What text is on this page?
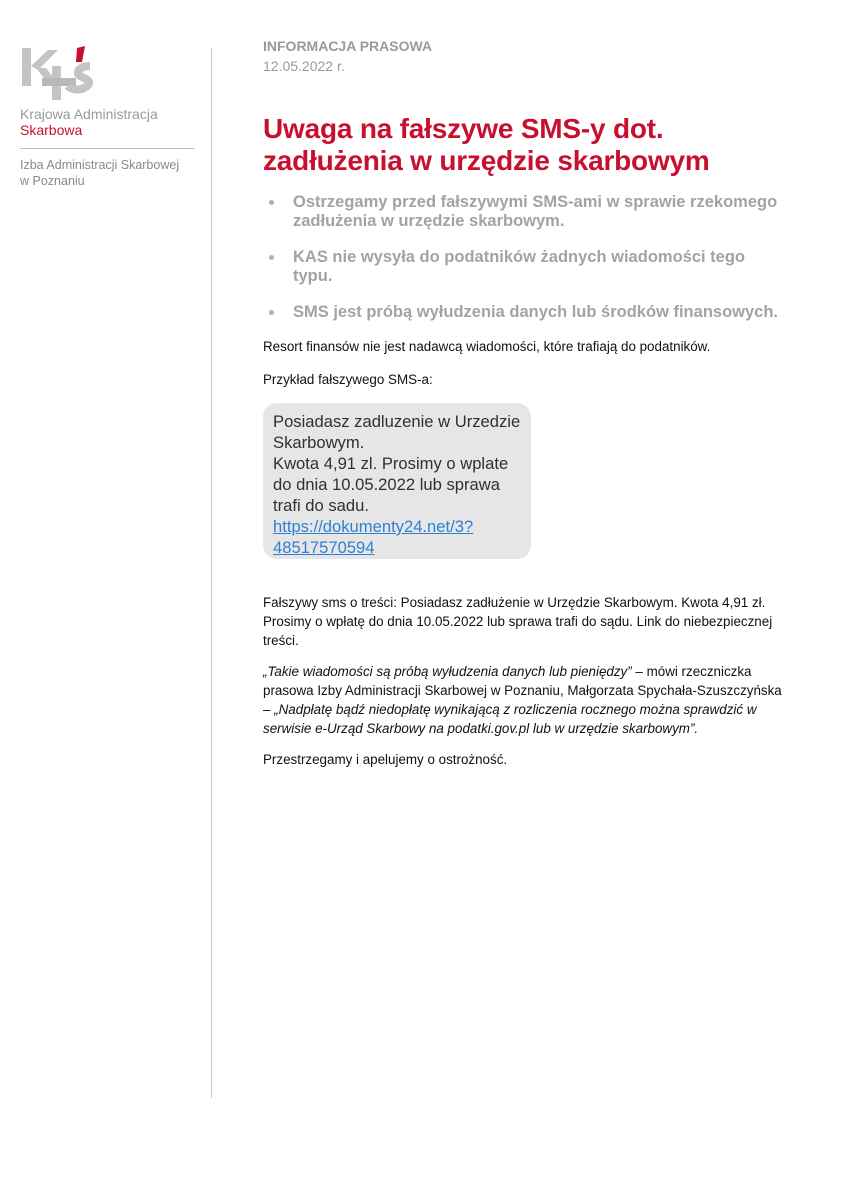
Krajowa Administracja
Skarbowa
Izba Administracji Skarbowej
w Poznaniu
INFORMACJA PRASOWA
12.05.2022 r.
Uwaga na fałszywe SMS-y dot. zadłużenia w urzędzie skarbowym
Ostrzegamy przed fałszywymi SMS-ami w sprawie rzekomego zadłużenia w urzędzie skarbowym.
KAS nie wysyła do podatników żadnych wiadomości tego typu.
SMS jest próbą wyłudzenia danych lub środków finansowych.

Resort finansów nie jest nadawcą wiadomości, które trafiają do podatników.

Przykład fałszywego SMS-a:

Posiadasz zadluzenie w Urzedzie
Skarbowym.
Kwota 4,91 zl. Prosimy o wplate
do dnia 10.05.2022 lub sprawa
trafi do sadu.
https://dokumenty24.net/3?
48517570594

Fałszywy sms o treści: Posiadasz zadłużenie w Urzędzie Skarbowym. Kwota 4,91 zł. Prosimy o wpłatę do dnia 10.05.2022 lub sprawa trafi do sądu. Link do niebezpiecznej treści.

„Takie wiadomości są próbą wyłudzenia danych lub pieniędzy” – mówi rzeczniczka prasowa Izby Administracji Skarbowej w Poznaniu, Małgorzata Spychała-Szuszczyńska – „Nadpłatę bądź niedopłatę wynikającą z rozliczenia rocznego można sprawdzić w serwisie e-Urząd Skarbowy na podatki.gov.pl lub w urzędzie skarbowym”.

Przestrzegamy i apelujemy o ostrożność.
